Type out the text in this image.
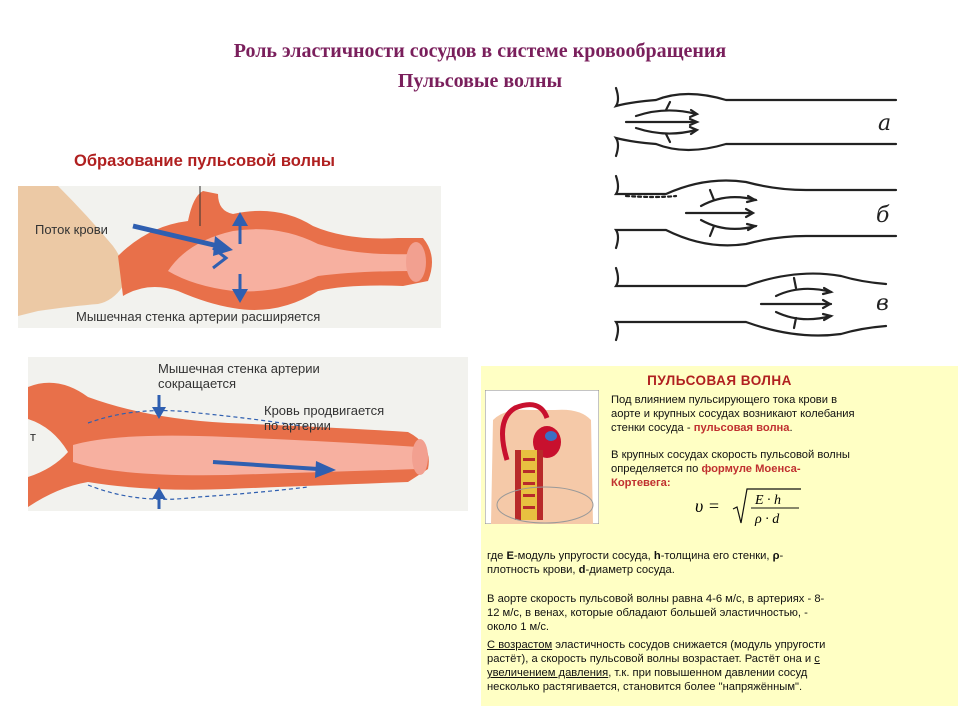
Роль эластичности сосудов в системе кровообращения
Пульсовые волны
Образование пульсовой волны
Поток крови
Мышечная стенка артерии расширяется
Мышечная стенка артерии
сокращается
Кровь продвигается
по артерии
т
а
б
в
ПУЛЬСОВАЯ ВОЛНА
Под влиянием пульсирующего тока крови в
аорте и крупных сосудах возникают колебания
стенки сосуда - пульсовая волна.
В крупных сосудах скорость пульсовой волны
определяется по формуле Моенса-
Кортевега:
υ =	E · h
ρ · d
где Е-модуль упругости сосуда, h-толщина его стенки, ρ-
плотность крови, d-диаметр сосуда.
В аорте скорость пульсовой волны равна 4-6 м/с, в артериях - 8-
12 м/с, в венах, которые обладают большей эластичностью, -
около 1 м/с.
С возрастом эластичность сосудов снижается (модуль упругости
растёт), а скорость пульсовой волны возрастает. Растёт она и с
увеличением давления, т.к. при повышенном давлении сосуд
несколько растягивается, становится более "напряжённым".
